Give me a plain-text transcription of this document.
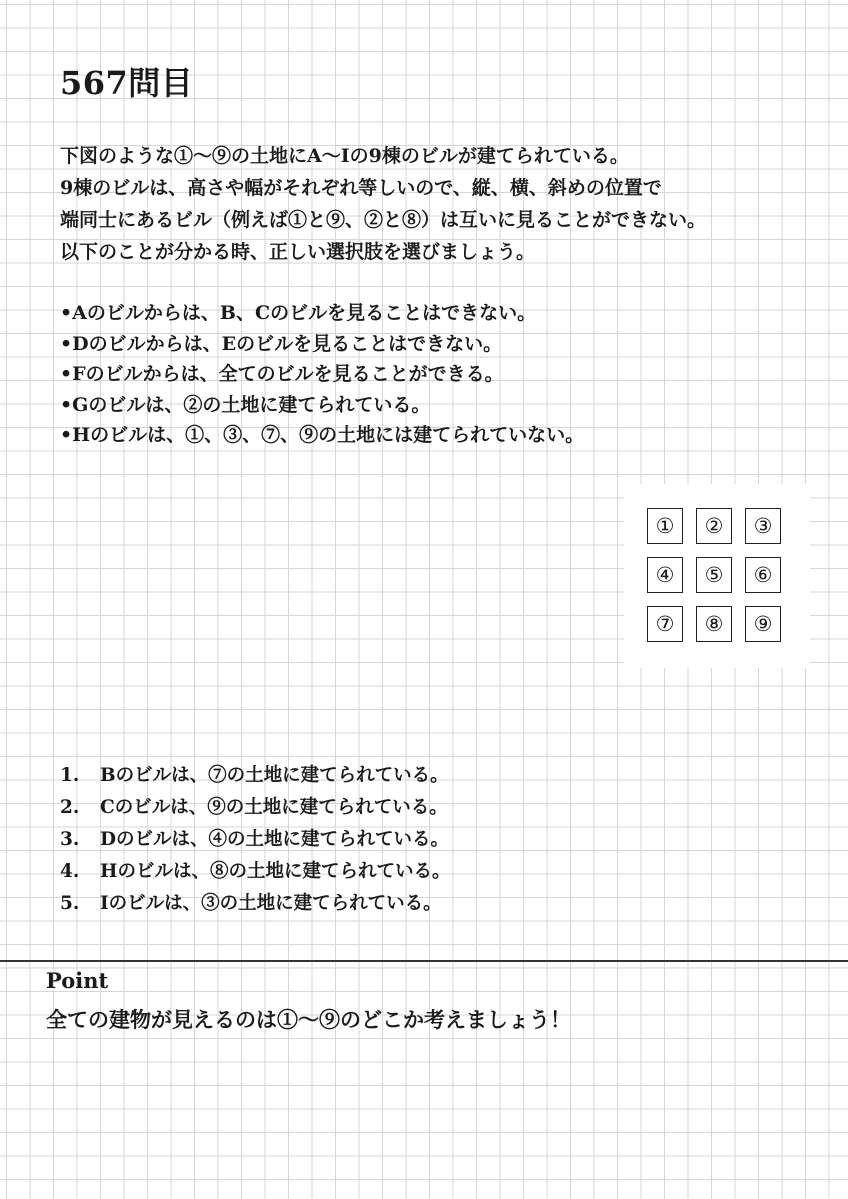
567問目
下図のような①〜⑨の土地にA〜Iの9棟のビルが建てられている。
9棟のビルは、高さや幅がそれぞれ等しいので、縦、横、斜めの位置で
端同士にあるビル（例えば①と⑨、②と⑧）は互いに見ることができない。
以下のことが分かる時、正しい選択肢を選びましょう。
•Aのビルからは、B、Cのビルを見ることはできない。
•Dのビルからは、Eのビルを見ることはできない。
•Fのビルからは、全てのビルを見ることができる。
•Gのビルは、②の土地に建てられている。
•Hのビルは、①、③、⑦、⑨の土地には建てられていない。
①	②	③
④	⑤	⑥
⑦	⑧	⑨
1. Bのビルは、⑦の土地に建てられている。
2. Cのビルは、⑨の土地に建てられている。
3. Dのビルは、④の土地に建てられている。
4. Hのビルは、⑧の土地に建てられている。
5. Iのビルは、③の土地に建てられている。
Point
全ての建物が見えるのは①〜⑨のどこか考えましょう！
